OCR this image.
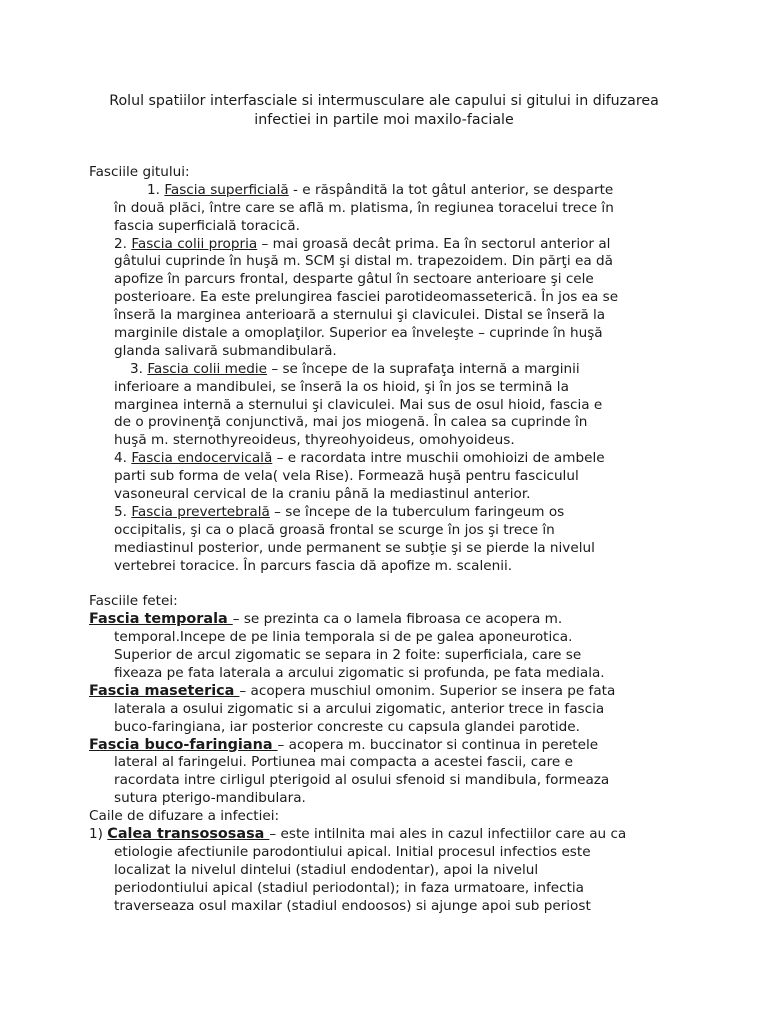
Rolul spatiilor interfasciale si intermusculare ale capului si gitului in difuzarea
infectiei in partile moi maxilo-faciale
Fasciile gitului:
1. Fascia superficială - e răspândită la tot gâtul anterior, se desparte
în două plăci, între care se află m. platisma, în regiunea toracelui trece în
fascia superficială toracică.
2. Fascia colii propria – mai groasă decât prima. Ea în sectorul anterior al
gâtului cuprinde în huşă m. SCM şi distal m. trapezoidem. Din părţi ea dă
apofize în parcurs frontal, desparte gâtul în sectoare anterioare şi cele
posterioare. Ea este prelungirea fasciei parotideomasseterică. În jos ea se
înseră la marginea anterioară a sternului şi claviculei. Distal se înseră la
marginile distale a omoplaţilor. Superior ea înveleşte – cuprinde în huşă
glanda salivară submandibulară.
3. Fascia colii medie – se începe de la suprafaţa internă a marginii
inferioare a mandibulei, se înseră la os hioid, şi în jos se termină la
marginea internă a sternului şi claviculei. Mai sus de osul hioid, fascia e
de o provinenţă conjunctivă, mai jos miogenă. În calea sa cuprinde în
huşă m. sternothyreoideus, thyreohyoideus, omohyoideus.
4. Fascia endocervicală – e racordata intre muschii omohioizi de ambele
parti sub forma de vela( vela Rise). Formează huşă pentru fasciculul
vasoneural cervical de la craniu până la mediastinul anterior.
5. Fascia prevertebrală – se începe de la tuberculum faringeum os
occipitalis, şi ca o placă groasă frontal se scurge în jos şi trece în
mediastinul posterior, unde permanent se subţie şi se pierde la nivelul
vertebrei toracice. În parcurs fascia dă apofize m. scalenii.
Fasciile fetei:
Fascia temporala – se prezinta ca o lamela fibroasa ce acopera m.
temporal.Incepe de pe linia temporala si de pe galea aponeurotica.
Superior de arcul zigomatic se separa in 2 foite: superficiala, care se
fixeaza pe fata laterala a arcului zigomatic si profunda, pe fata mediala.
Fascia maseterica – acopera muschiul omonim. Superior se insera pe fata
laterala a osului zigomatic si a arcului zigomatic, anterior trece in fascia
buco-faringiana, iar posterior concreste cu capsula glandei parotide.
Fascia buco-faringiana – acopera m. buccinator si continua in peretele
lateral al faringelui. Portiunea mai compacta a acestei fascii, care e
racordata intre cirligul pterigoid al osului sfenoid si mandibula, formeaza
sutura pterigo-mandibulara.
Caile de difuzare a infectiei:
1) Calea transososasa – este intilnita mai ales in cazul infectiilor care au ca
etiologie afectiunile parodontiului apical. Initial procesul infectios este
localizat la nivelul dintelui (stadiul endodentar), apoi la nivelul
periodontiului apical (stadiul periodontal); in faza urmatoare, infectia
traverseaza osul maxilar (stadiul endoosos) si ajunge apoi sub periost
